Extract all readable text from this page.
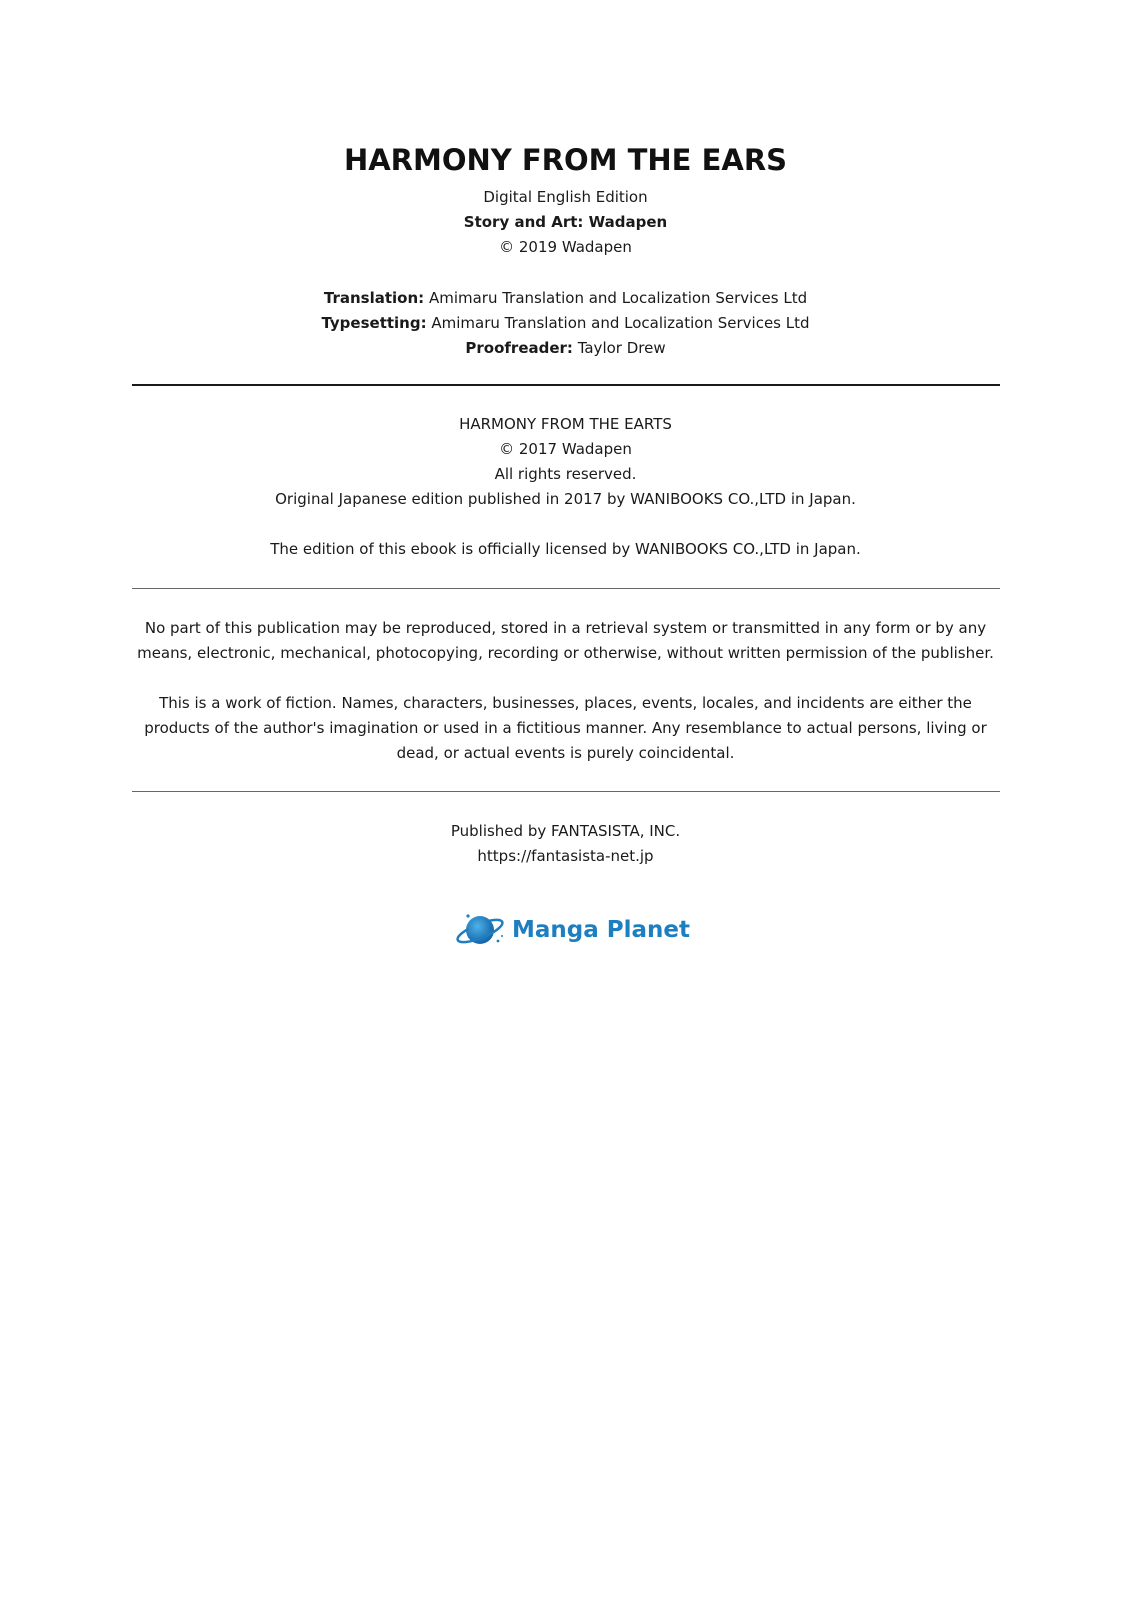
HARMONY FROM THE EARS
Digital English Edition
Story and Art: Wadapen
© 2019 Wadapen
Translation: Amimaru Translation and Localization Services Ltd
Typesetting: Amimaru Translation and Localization Services Ltd
Proofreader: Taylor Drew
HARMONY FROM THE EARTS
© 2017 Wadapen
All rights reserved.
Original Japanese edition published in 2017 by WANIBOOKS CO.,LTD in Japan.
The edition of this ebook is officially licensed by WANIBOOKS CO.,LTD in Japan.
No part of this publication may be reproduced, stored in a retrieval system or transmitted in any form or by any
means, electronic, mechanical, photocopying, recording or otherwise, without written permission of the publisher.
This is a work of fiction. Names, characters, businesses, places, events, locales, and incidents are either the
products of the author's imagination or used in a fictitious manner. Any resemblance to actual persons, living or
dead, or actual events is purely coincidental.
Published by FANTASISTA, INC.
https://fantasista-net.jp
Manga Planet
